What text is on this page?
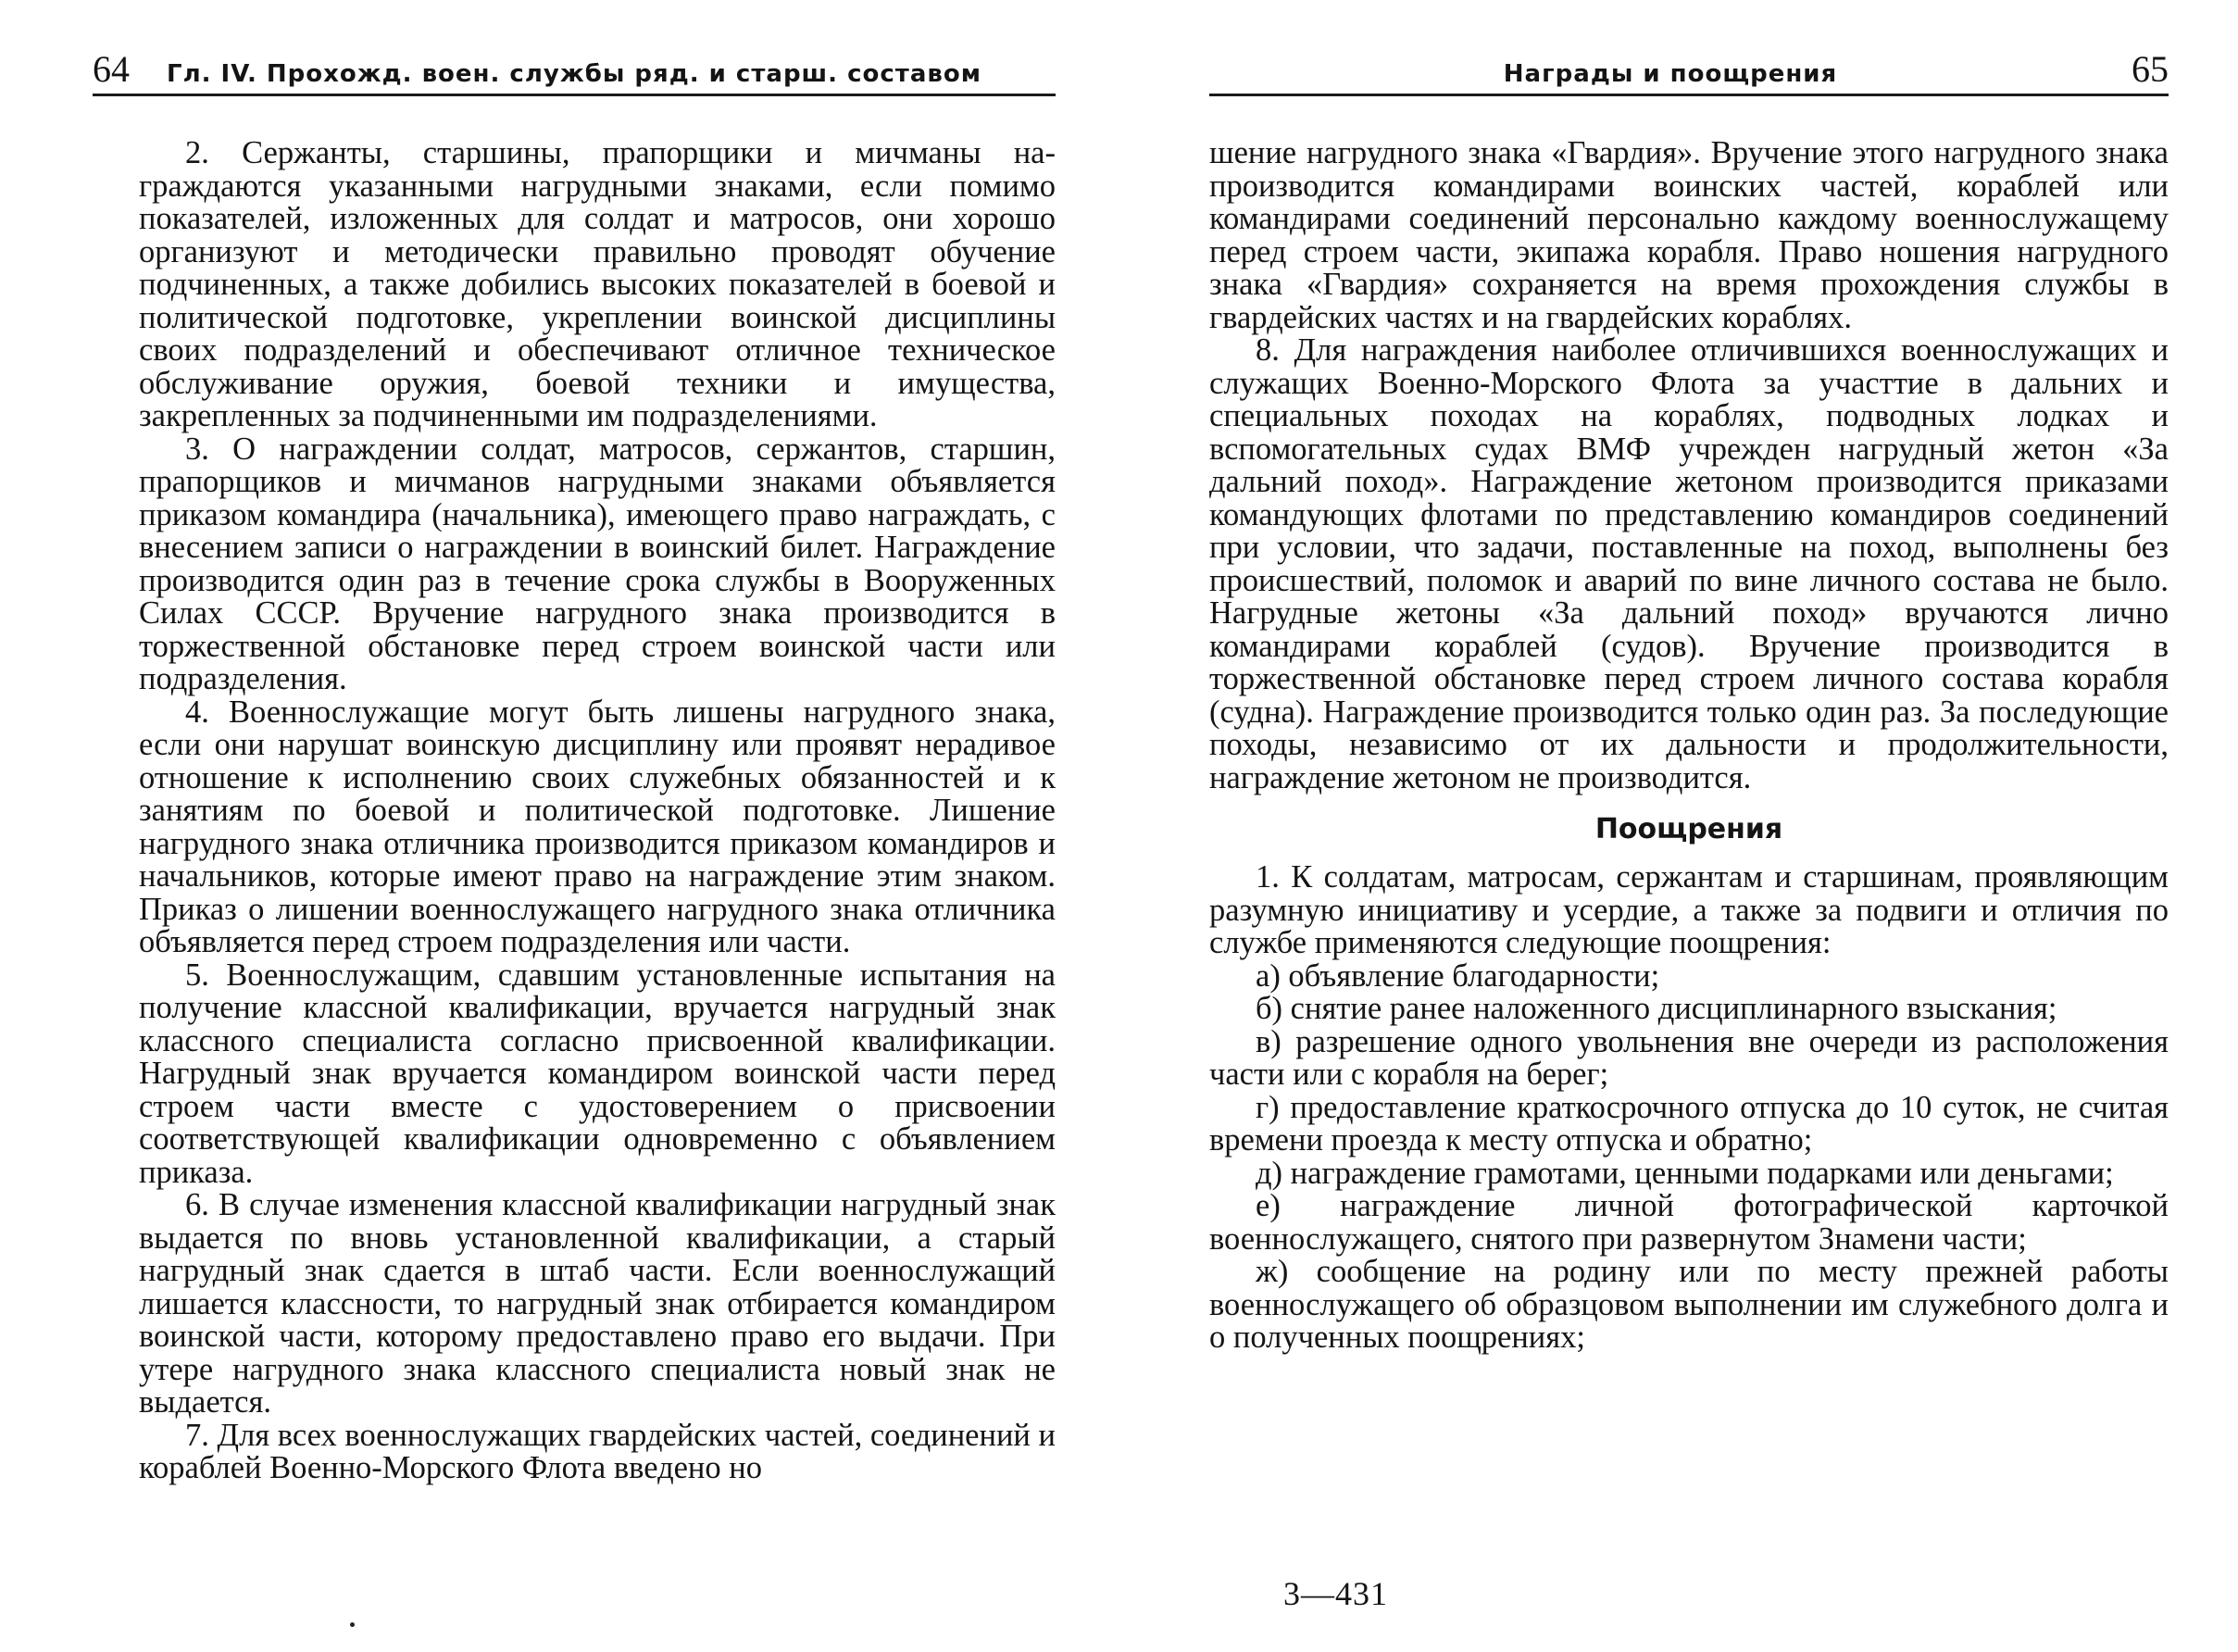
64 Гл. IV. Прохожд. воен. службы ряд. и старш. составом

2. Сержанты, старшины, прапорщики и мичманы награждаются указанными нагрудными знаками, если помимо показателей, изложенных для солдат и матросов, они хорошо организуют и методически правильно проводят обучение подчиненных, а также добились высоких показателей в боевой и политической подготовке, укреплении воинской дисциплины своих подразделений и обеспечивают отличное техническое обслуживание оружия, боевой техники и имущества, закрепленных за подчиненными им подразделениями.

3. О награждении солдат, матросов, сержантов, старшин, прапорщиков и мичманов нагрудными знаками объявляется приказом командира (начальника), имеющего право награждать, с внесением записи о награждении в воинский билет. Награждение производится один раз в течение срока службы в Вооруженных Силах СССР. Вручение нагрудного знака производится в торжественной обстановке перед строем воинской части или подразделения.

4. Военнослужащие могут быть лишены нагрудного знака, если они нарушат воинскую дисциплину или проявят нерадивое отношение к исполнению своих служебных обязанностей и к занятиям по боевой и политической подготовке. Лишение нагрудного знака отличника производится приказом командиров и начальников, которые имеют право на награждение этим знаком. Приказ о лишении военнослужащего нагрудного знака отличника объявляется перед строем подразделения или части.

5. Военнослужащим, сдавшим установленные испытания на получение классной квалификации, вручается нагрудный знак классного специалиста согласно присвоенной квалификации. Нагрудный знак вручается командиром воинской части перед строем части вместе с удостоверением о присвоении соответствующей квалификации одновременно с объявлением приказа.

6. В случае изменения классной квалификации нагрудный знак выдается по вновь установленной квалификации, а старый нагрудный знак сдается в штаб части. Если военнослужащий лишается классности, то нагрудный знак отбирается командиром воинской части, которому предоставлено право его выдачи. При утере нагрудного знака классного специалиста новый знак не выдается.

7. Для всех военнослужащих гвардейских частей, соединений и кораблей Военно-Морского Флота введено но

Награды и поощрения	65

шение нагрудного знака «Гвардия». Вручение этого нагрудного знака производится командирами воинских частей, кораблей или командирами соединений персонально каждому военнослужащему перед строем части, экипажа корабля. Право ношения нагрудного знака «Гвардия» сохраняется на время прохождения службы в гвардейских частях и на гвардейских кораблях.

8. Для награждения наиболее отличившихся военнослужащих и служащих Военно-Морского Флота за участтие в дальних и специальных походах на кораблях, подводных лодках и вспомогательных судах ВМФ учрежден нагрудный жетон «За дальний поход». Награждение жетоном производится приказами командующих флотами по представлению командиров соединений при условии, что задачи, поставленные на поход, выполнены без происшествий, поломок и аварий по вине личного состава не было. Нагрудные жетоны «За дальний поход» вручаются лично командирами кораблей (судов). Вручение производится в торжественной обстановке перед строем личного состава корабля (судна). Награждение производится только один раз. За последующие походы, независимо от их дальности и продолжительности, награждение жетоном не производится.

Поощрения

1. К солдатам, матросам, сержантам и старшинам, проявляющим разумную инициативу и усердие, а также за подвиги и отличия по службе применяются следующие поощрения:

а) объявление благодарности;

б) снятие ранее наложенного дисциплинарного взыскания;

в) разрешение одного увольнения вне очереди из расположения части или с корабля на берег;

г) предоставление краткосрочного отпуска до 10 суток, не считая времени проезда к месту отпуска и обратно;

д) награждение грамотами, ценными подарками или деньгами;

е) награждение личной фотографической карточкой военнослужащего, снятого при развернутом Знамени части;

ж) сообщение на родину или по месту прежней работы военнослужащего об образцовом выполнении им служебного долга и о полученных поощрениях;

3—431
